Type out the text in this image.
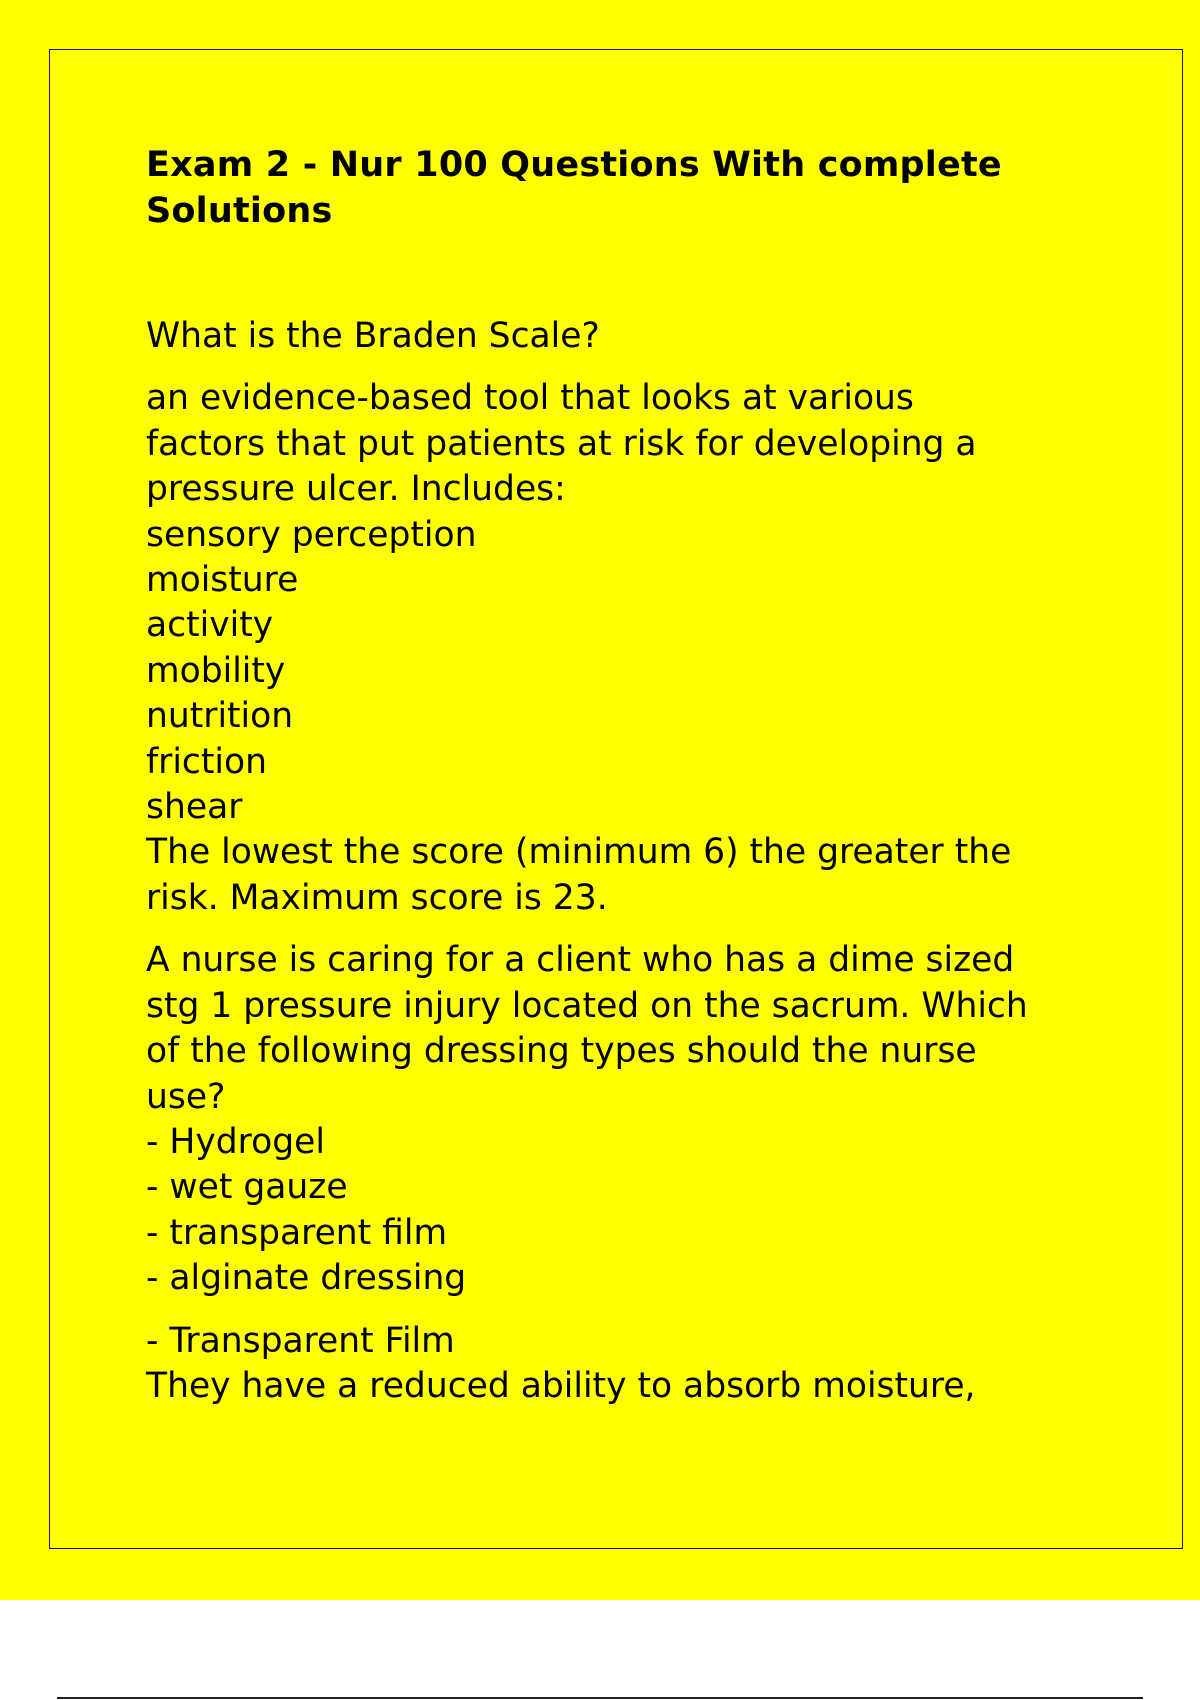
Exam 2 - Nur 100 Questions With complete Solutions

What is the Braden Scale?

an evidence-based tool that looks at various
factors that put patients at risk for developing a
pressure ulcer. Includes:
sensory perception
moisture
activity
mobility
nutrition
friction
shear
The lowest the score (minimum 6) the greater the
risk. Maximum score is 23.
A nurse is caring for a client who has a dime sized
stg 1 pressure injury located on the sacrum. Which
of the following dressing types should the nurse
use?
- Hydrogel
- wet gauze
- transparent film
- alginate dressing
- Transparent Film
They have a reduced ability to absorb moisture,
